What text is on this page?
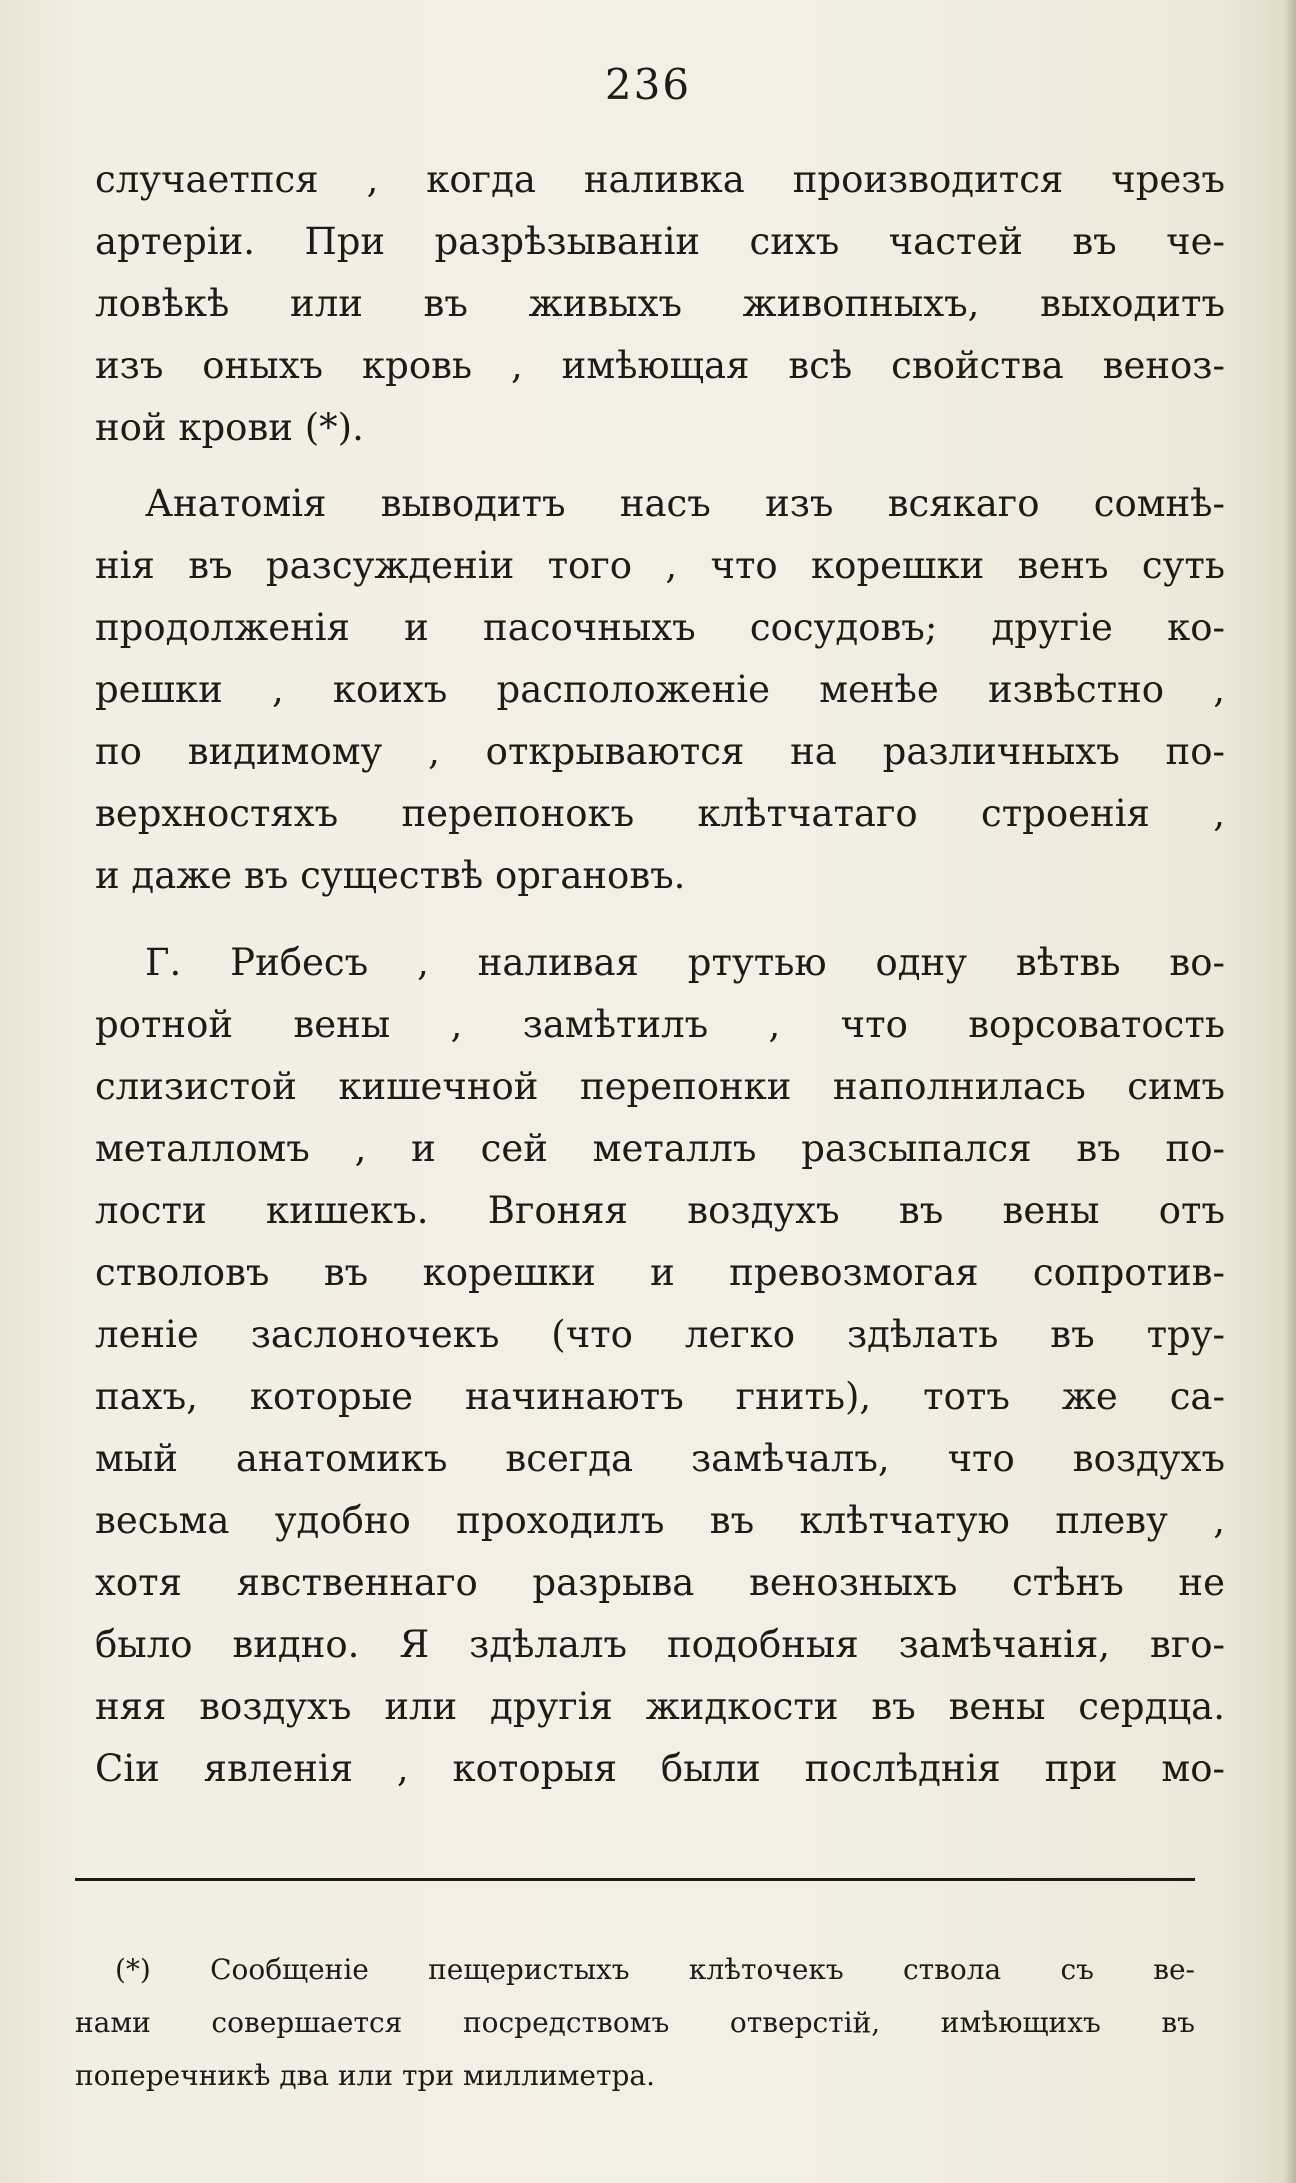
236
случаетпся , когда наливка производится чрезъ
артеріи. При разрѣзываніи сихъ частей въ че-
ловѣкѣ или въ живыхъ живопныхъ, выходитъ
изъ оныхъ кровь , имѣющая всѣ свойства веноз-
ной крови (*).
Анатомія выводитъ насъ изъ всякаго сомнѣ-
нія въ разсужденіи того , что корешки венъ суть
продолженія и пасочныхъ сосудовъ; другіе ко-
решки , коихъ расположеніе менѣе извѣстно ,
по видимому , открываются на различныхъ по-
верхностяхъ перепонокъ клѣтчатаго строенія ,
и даже въ существѣ органовъ.
Г. Рибесъ , наливая ртутью одну вѣтвь во-
ротной вены , замѣтилъ , что ворсоватость
слизистой кишечной перепонки наполнилась симъ
металломъ , и сей металлъ разсыпался въ по-
лости кишекъ. Вгоняя воздухъ въ вены отъ
стволовъ въ корешки и превозмогая сопротив-
леніе заслоночекъ (что легко здѣлать въ тру-
пахъ, которые начинаютъ гнить), тотъ же са-
мый анатомикъ всегда замѣчалъ, что воздухъ
весьма удобно проходилъ въ клѣтчатую плеву ,
хотя явственнаго разрыва венозныхъ стѣнъ не
было видно. Я здѣлалъ подобныя замѣчанія, вго-
няя воздухъ или другія жидкости въ вены сердца.
Сіи явленія , которыя были послѣднія при мо-
(*) Сообщеніе пещеристыхъ клѣточекъ ствола съ ве-
нами совершается посредствомъ отверстій, имѣющихъ въ
поперечникѣ два или три миллиметра.
